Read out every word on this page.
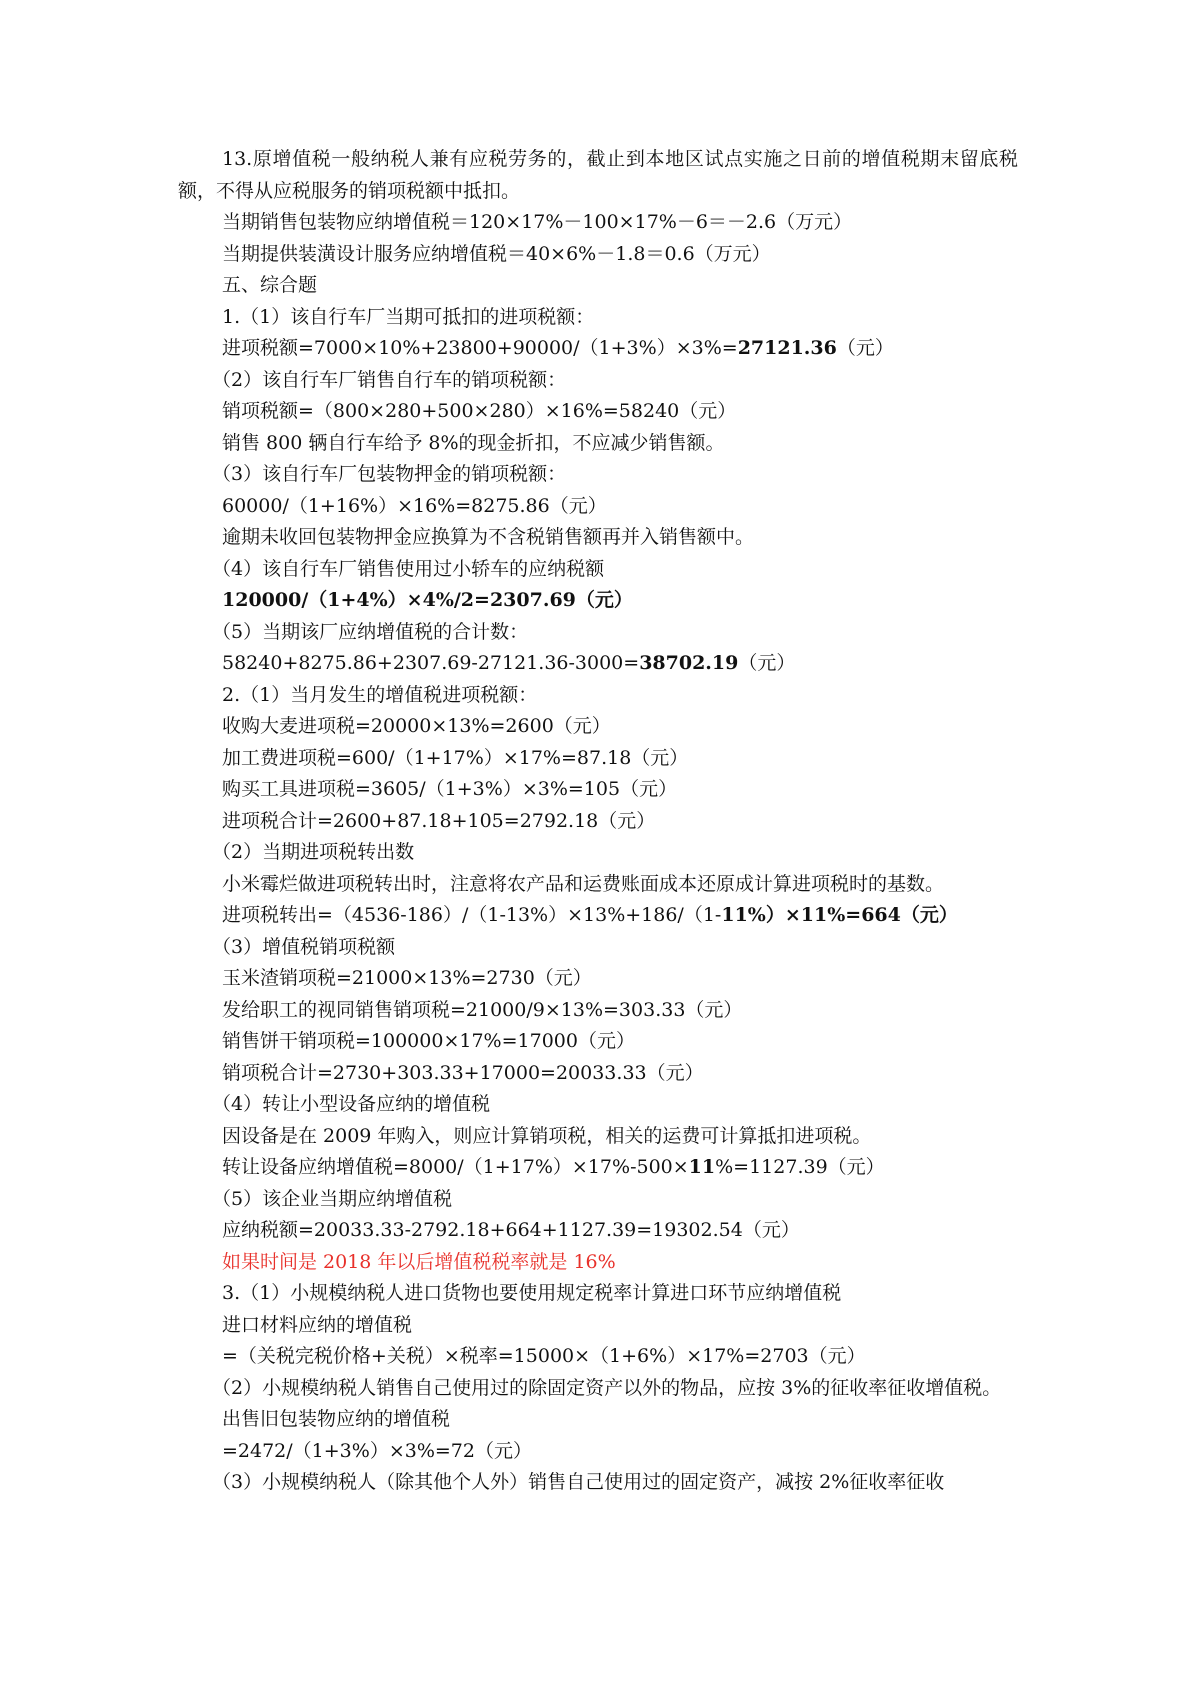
13.原增值税一般纳税人兼有应税劳务的，截止到本地区试点实施之日前的增值税期末留底税额，不得从应税服务的销项税额中抵扣。
当期销售包装物应纳增值税＝120×17%－100×17%－6＝－2.6（万元）
当期提供装潢设计服务应纳增值税＝40×6%－1.8＝0.6（万元）
五、综合题
1.（1）该自行车厂当期可抵扣的进项税额：
进项税额=7000×10%+23800+90000/（1+3%）×3%=27121.36（元）
（2）该自行车厂销售自行车的销项税额：
销项税额=（800×280+500×280）×16%=58240（元）
销售 800 辆自行车给予 8%的现金折扣，不应减少销售额。
（3）该自行车厂包装物押金的销项税额：
60000/（1+16%）×16%=8275.86（元）
逾期未收回包装物押金应换算为不含税销售额再并入销售额中。
（4）该自行车厂销售使用过小轿车的应纳税额
120000/（1+4%）×4%/2=2307.69（元）
（5）当期该厂应纳增值税的合计数：
58240+8275.86+2307.69-27121.36-3000=38702.19（元）
2.（1）当月发生的增值税进项税额：
收购大麦进项税=20000×13%=2600（元）
加工费进项税=600/（1+17%）×17%=87.18（元）
购买工具进项税=3605/（1+3%）×3%=105（元）
进项税合计=2600+87.18+105=2792.18（元）
（2）当期进项税转出数
小米霉烂做进项税转出时，注意将农产品和运费账面成本还原成计算进项税时的基数。
进项税转出=（4536-186）/（1-13%）×13%+186/（1-11%）×11%=664（元）
（3）增值税销项税额
玉米渣销项税=21000×13%=2730（元）
发给职工的视同销售销项税=21000/9×13%=303.33（元）
销售饼干销项税=100000×17%=17000（元）
销项税合计=2730+303.33+17000=20033.33（元）
（4）转让小型设备应纳的增值税
因设备是在 2009 年购入，则应计算销项税，相关的运费可计算抵扣进项税。
转让设备应纳增值税=8000/（1+17%）×17%-500×11%=1127.39（元）
（5）该企业当期应纳增值税
应纳税额=20033.33-2792.18+664+1127.39=19302.54（元）
如果时间是 2018 年以后增值税税率就是 16%
3.（1）小规模纳税人进口货物也要使用规定税率计算进口环节应纳增值税
进口材料应纳的增值税
=（关税完税价格+关税）×税率=15000×（1+6%）×17%=2703（元）
（2）小规模纳税人销售自己使用过的除固定资产以外的物品，应按 3%的征收率征收增值税。
出售旧包装物应纳的增值税
=2472/（1+3%）×3%=72（元）
（3）小规模纳税人（除其他个人外）销售自己使用过的固定资产，减按 2%征收率征收
